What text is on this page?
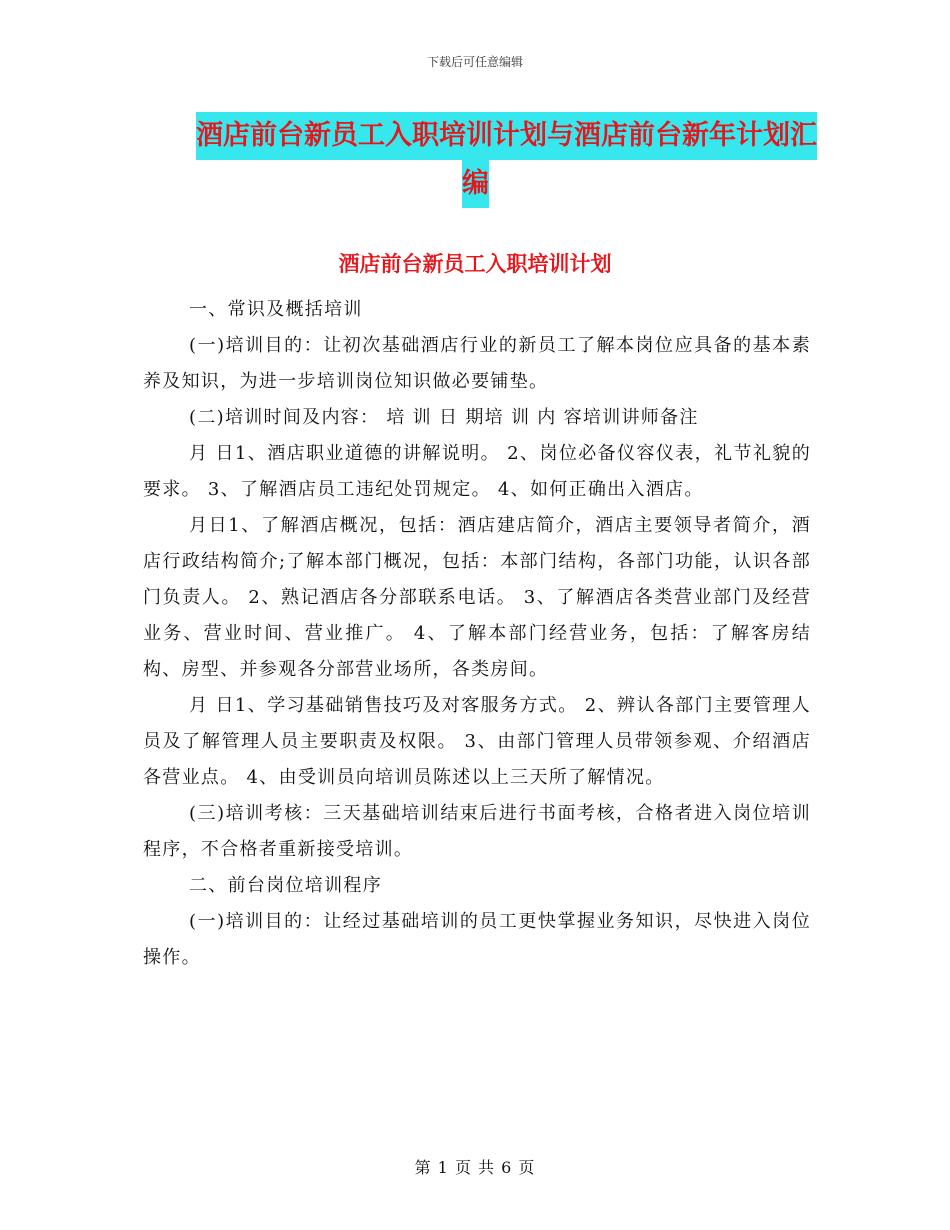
下载后可任意编辑
酒店前台新员工入职培训计划与酒店前台新年计划汇
编
酒店前台新员工入职培训计划

一、常识及概括培训

(一)培训目的：让初次基础酒店行业的新员工了解本岗位应具备的基本素养及知识，为进一步培训岗位知识做必要铺垫。

(二)培训时间及内容： 培 训 日 期培 训 内 容培训讲师备注

月 日1、酒店职业道德的讲解说明。 2、岗位必备仪容仪表，礼节礼貌的要求。 3、了解酒店员工违纪处罚规定。 4、如何正确出入酒店。

月日1、了解酒店概况，包括：酒店建店简介，酒店主要领导者简介，酒店行政结构简介;了解本部门概况，包括：本部门结构，各部门功能，认识各部门负责人。 2、熟记酒店各分部联系电话。 3、了解酒店各类营业部门及经营业务、营业时间、营业推广。 4、了解本部门经营业务，包括：了解客房结构、房型、并参观各分部营业场所，各类房间。

月 日1、学习基础销售技巧及对客服务方式。 2、辨认各部门主要管理人员及了解管理人员主要职责及权限。 3、由部门管理人员带领参观、介绍酒店各营业点。 4、由受训员向培训员陈述以上三天所了解情况。

(三)培训考核：三天基础培训结束后进行书面考核，合格者进入岗位培训程序，不合格者重新接受培训。

二、前台岗位培训程序

(一)培训目的：让经过基础培训的员工更快掌握业务知识，尽快进入岗位操作。

第 1 页 共 6 页
